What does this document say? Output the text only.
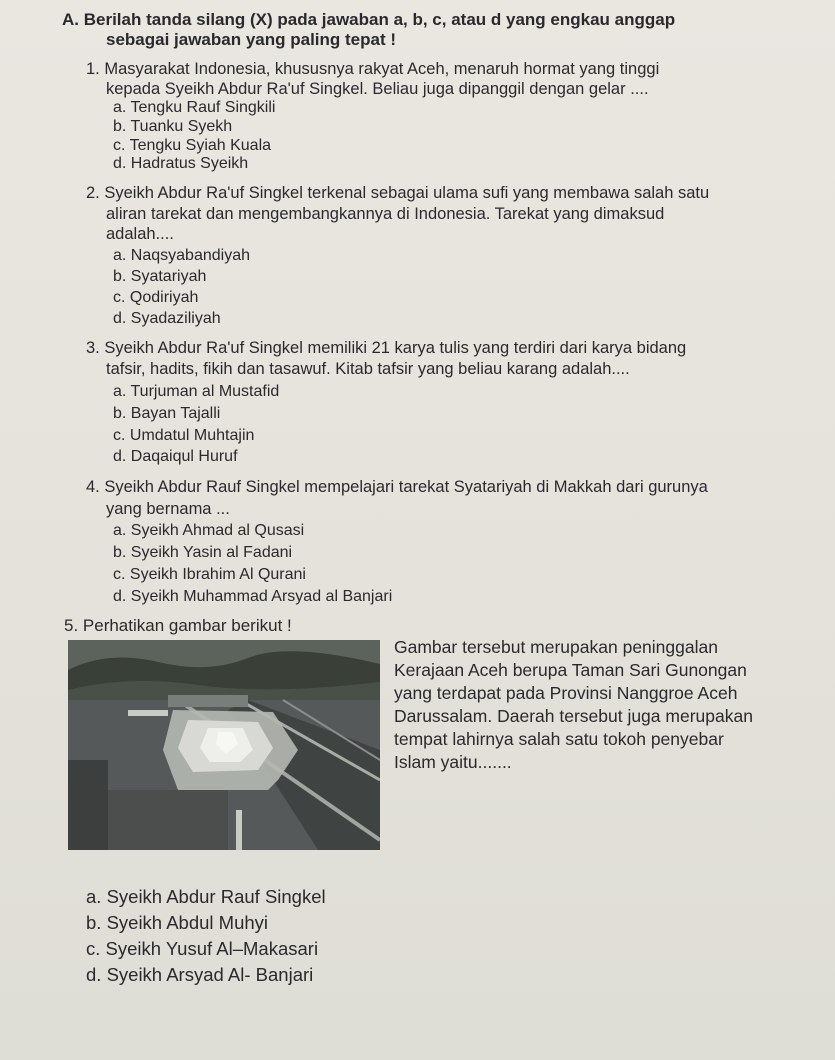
A. Berilah tanda silang (X) pada jawaban a, b, c, atau d yang engkau anggap
sebagai jawaban yang paling tepat !
1. Masyarakat Indonesia, khususnya rakyat Aceh, menaruh hormat yang tinggi
kepada Syeikh Abdur Ra'uf Singkel. Beliau juga dipanggil dengan gelar ....
a. Tengku Rauf Singkili
b. Tuanku Syekh
c. Tengku Syiah Kuala
d. Hadratus Syeikh
2. Syeikh Abdur Ra'uf Singkel terkenal sebagai ulama sufi yang membawa salah satu
aliran tarekat dan mengembangkannya di Indonesia. Tarekat yang dimaksud
adalah....
a. Naqsyabandiyah
b. Syatariyah
c. Qodiriyah
d. Syadaziliyah
3. Syeikh Abdur Ra'uf Singkel memiliki 21 karya tulis yang terdiri dari karya bidang
tafsir, hadits, fikih dan tasawuf. Kitab tafsir yang beliau karang adalah....
a. Turjuman al Mustafid
b. Bayan Tajalli
c. Umdatul Muhtajin
d. Daqaiqul Huruf
4. Syeikh Abdur Rauf Singkel mempelajari tarekat Syatariyah di Makkah dari gurunya
yang bernama ...
a. Syeikh Ahmad al Qusasi
b. Syeikh Yasin al Fadani
c. Syeikh Ibrahim Al Qurani
d. Syeikh Muhammad Arsyad al Banjari
5. Perhatikan gambar berikut !
Gambar tersebut merupakan peninggalan
Kerajaan Aceh berupa Taman Sari Gunongan
yang terdapat pada Provinsi Nanggroe Aceh
Darussalam. Daerah tersebut juga merupakan
tempat lahirnya salah satu tokoh penyebar
Islam yaitu.......
a. Syeikh Abdur Rauf Singkel
b. Syeikh Abdul Muhyi
c. Syeikh Yusuf Al–Makasari
d. Syeikh Arsyad Al- Banjari
